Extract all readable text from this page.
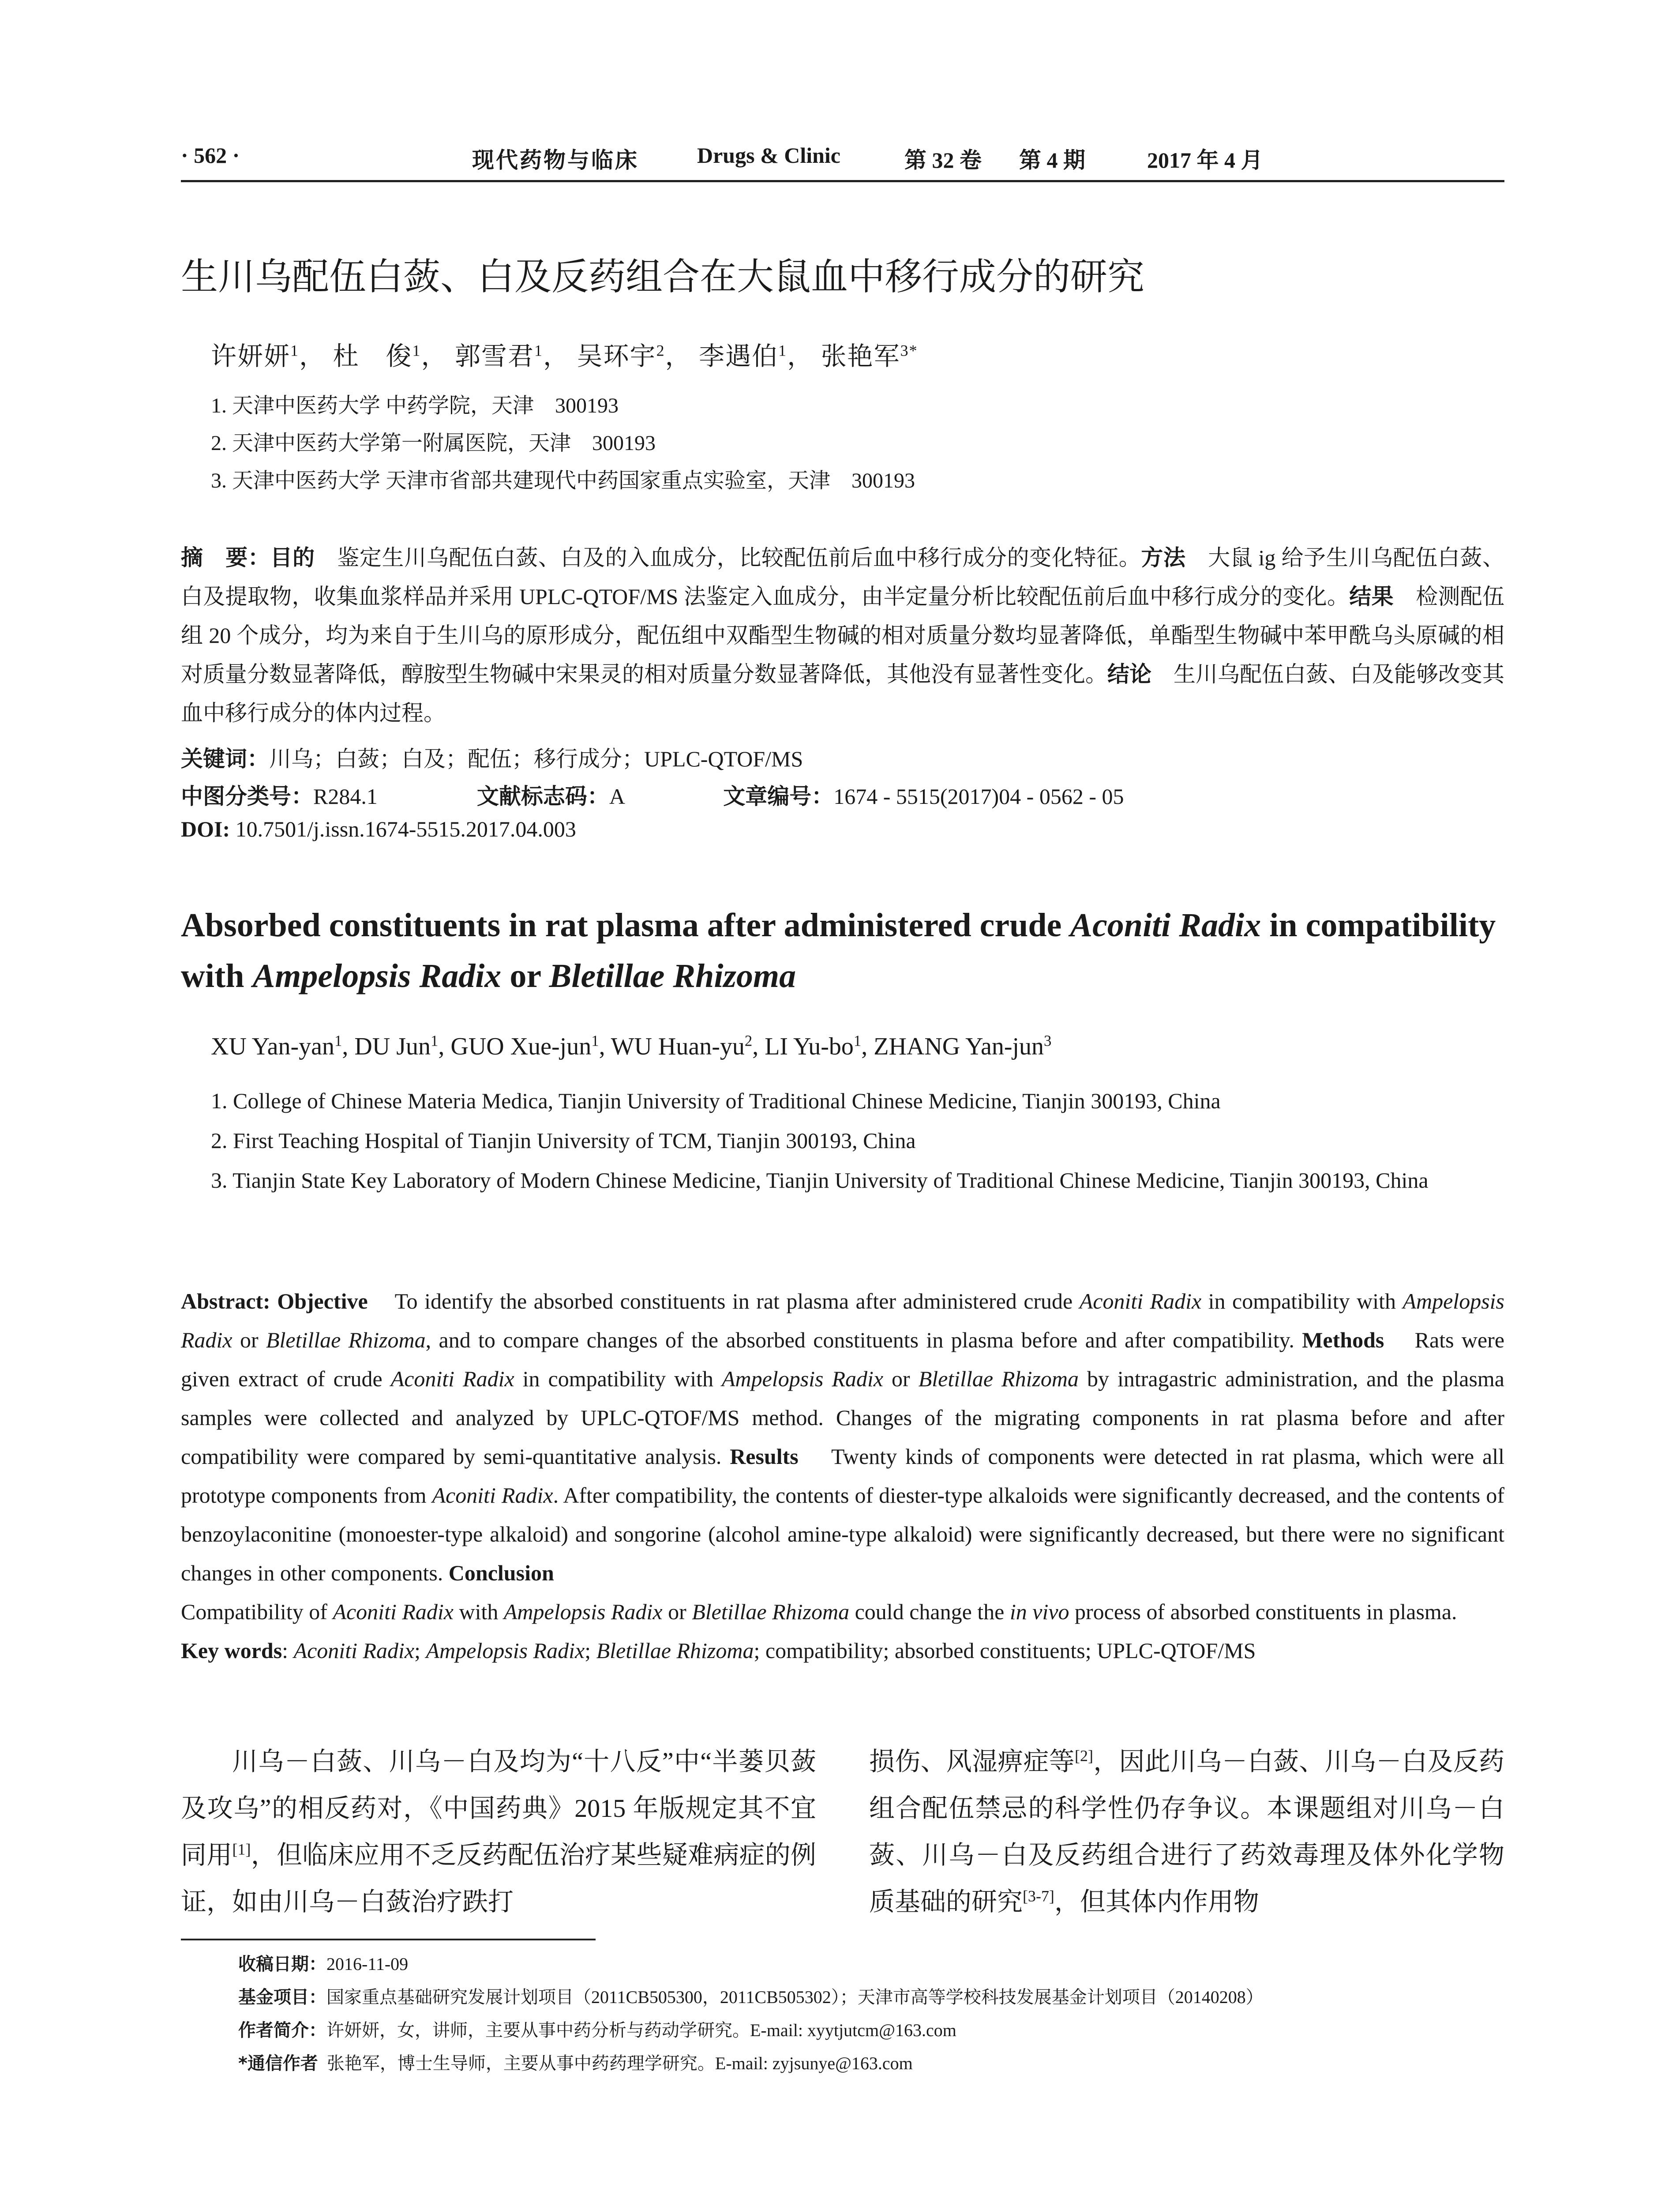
· 562 ·	现代药物与临床	Drugs & Clinic	第 32 卷 第 4 期	2017 年 4 月
生川乌配伍白蔹、白及反药组合在大鼠血中移行成分的研究
许妍妍$^1$， 杜　俊$^1$， 郭雪君$^1$， 吴环宇$^2$， 李遇伯$^1$， 张艳军$^{3*}$
1. 天津中医药大学 中药学院，天津　300193
2. 天津中医药大学第一附属医院，天津　300193
3. 天津中医药大学 天津市省部共建现代中药国家重点实验室，天津　300193
摘　要：目的　 鉴定生川乌配伍白蔹、白及的入血成分，比较配伍前后血中移行成分的变化特征。方法　 大鼠 ig 给予生川乌配伍白蔹、白及提取物，收集血浆样品并采用 UPLC-QTOF/MS 法鉴定入血成分，由半定量分析比较配伍前后血中移行成分的变化。结果　 检测配伍组 20 个成分，均为来自于生川乌的原形成分，配伍组中双酯型生物碱的相对质量分数均显著降低，单酯型生物碱中苯甲酰乌头原碱的相对质量分数显著降低，醇胺型生物碱中宋果灵的相对质量分数显著降低，其他没有显著性变化。结论　 生川乌配伍白蔹、白及能够改变其血中移行成分的体内过程。
关键词：川乌；白蔹；白及；配伍；移行成分；UPLC-QTOF/MS
中图分类号：R284.1	文献标志码：A	文章编号：1674 - 5515(2017)04 - 0562 - 05
DOI: 10.7501/j.issn.1674-5515.2017.04.003
Absorbed constituents in rat plasma after administered crude Aconiti Radix in compatibility with Ampelopsis Radix or Bletillae Rhizoma
XU Yan-yan$^1$, DU Jun$^1$, GUO Xue-jun$^1$, WU Huan-$yu^2$, LI $Yu-bo^1$, ZHANG Yan-jun$^3$
1. College of Chinese Materia Medica, Tianjin University of Traditional Chinese Medicine, Tianjin 300193, China
2. First Teaching Hospital of Tianjin University of TCM, Tianjin 300193, China
3. Tianjin State Key Laboratory of Modern Chinese Medicine, Tianjin University of Traditional Chinese Medicine, Tianjin 300193, China
Abstract: Objective To identify the absorbed constituents in rat plasma after administered crude Aconiti Radix in compatibility with Ampelopsis Radix or Bletillae Rhizoma, and to compare changes of the absorbed constituents in plasma before and after compatibility. Methods Rats were given extract of crude Aconiti Radix in compatibility with Ampelopsis Radix or Bletillae Rhizoma by intragastric administration, and the plasma samples were collected and analyzed by UPLC-QTOF/MS method. Changes of the migrating components in rat plasma before and after compatibility were compared by semi-quantitative analysis. Results Twenty kinds of components were detected in rat plasma, which were all prototype components from Aconiti Radix. After compatibility, the contents of diester-type alkaloids were significantly decreased, and the contents of benzoylaconitine (monoester-type alkaloid) and songorine (alcohol amine-type alkaloid) were significantly decreased, but there were no significant changes in other components. Conclusion
Compatibility of Aconiti Radix with Ampelopsis Radix or Bletillae Rhizoma could change the in vivo process of absorbed constituents in plasma.
Key words: Aconiti Radix; Ampelopsis Radix; Bletillae Rhizoma; compatibility; absorbed constituents; UPLC-QTOF/MS
川乌－白蔹、川乌－白及均为“十八反”中“半蒌贝蔹及攻乌”的相反药对，《中国药典》2015 年版规定其不宜同用[1]，但临床应用不乏反药配伍治疗某些疑难病症的例证，如由川乌－白蔹治疗跌打
损伤、风湿痹症等[2]，因此川乌－白蔹、川乌－白及反药组合配伍禁忌的科学性仍存争议。本课题组对川乌－白蔹、川乌－白及反药组合进行了药效毒理及体外化学物质基础的研究[3-7]，但其体内作用物
收稿日期：2016-11-09
基金项目：国家重点基础研究发展计划项目（2011CB505300，2011CB505302）；天津市高等学校科技发展基金计划项目（20140208）
作者简介：许妍妍，女，讲师，主要从事中药分析与药动学研究。E-mail: xyytjutcm@163.com
*通信作者 张艳军，博士生导师，主要从事中药药理学研究。E-mail: zyjsunye@163.com
